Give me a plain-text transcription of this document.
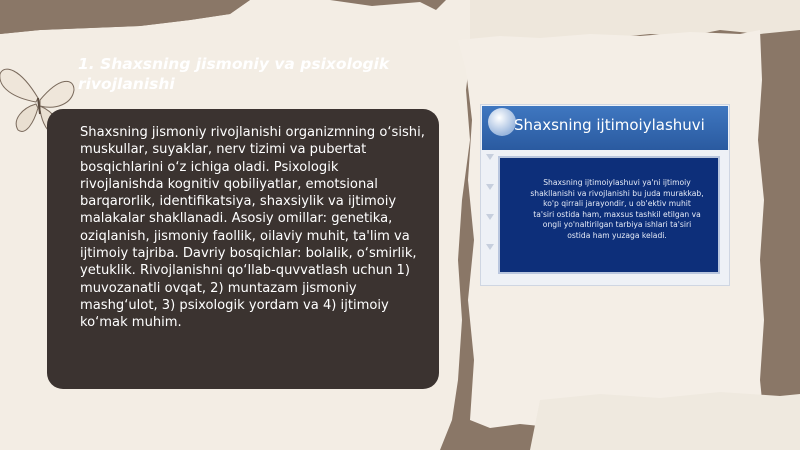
1. Shaxsning jismoniy va psixologik rivojlanishi
Shaxsning jismoniy rivojlanishi organizmning o‘sishi, muskullar, suyaklar, nerv tizimi va pubertat bosqichlarini o‘z ichiga oladi. Psixologik rivojlanishda kognitiv qobiliyatlar, emotsional barqarorlik, identifikatsiya, shaxsiylik va ijtimoiy malakalar shakllanadi. Asosiy omillar: genetika, oziqlanish, jismoniy faollik, oilaviy muhit, ta'lim va ijtimoiy tajriba. Davriy bosqichlar: bolalik, o‘smirlik, yetuklik. Rivojlanishni qo‘llab-quvvatlash uchun 1) muvozanatli ovqat, 2) muntazam jismoniy mashg‘ulot, 3) psixologik yordam va 4) ijtimoiy ko‘mak muhim.
Shaxsning ijtimoiylashuvi
Shaxsning ijtimoiylashuvi ya'ni ijtimoiy
shakllanishi va rivojlanishi bu juda murakkab,
ko'p qirrali jarayondir, u ob'ektiv muhit
ta'siri ostida ham, maxsus tashkil etilgan va
ongli yo'naltirilgan tarbiya ishlari ta'siri
ostida ham yuzaga keladi.
